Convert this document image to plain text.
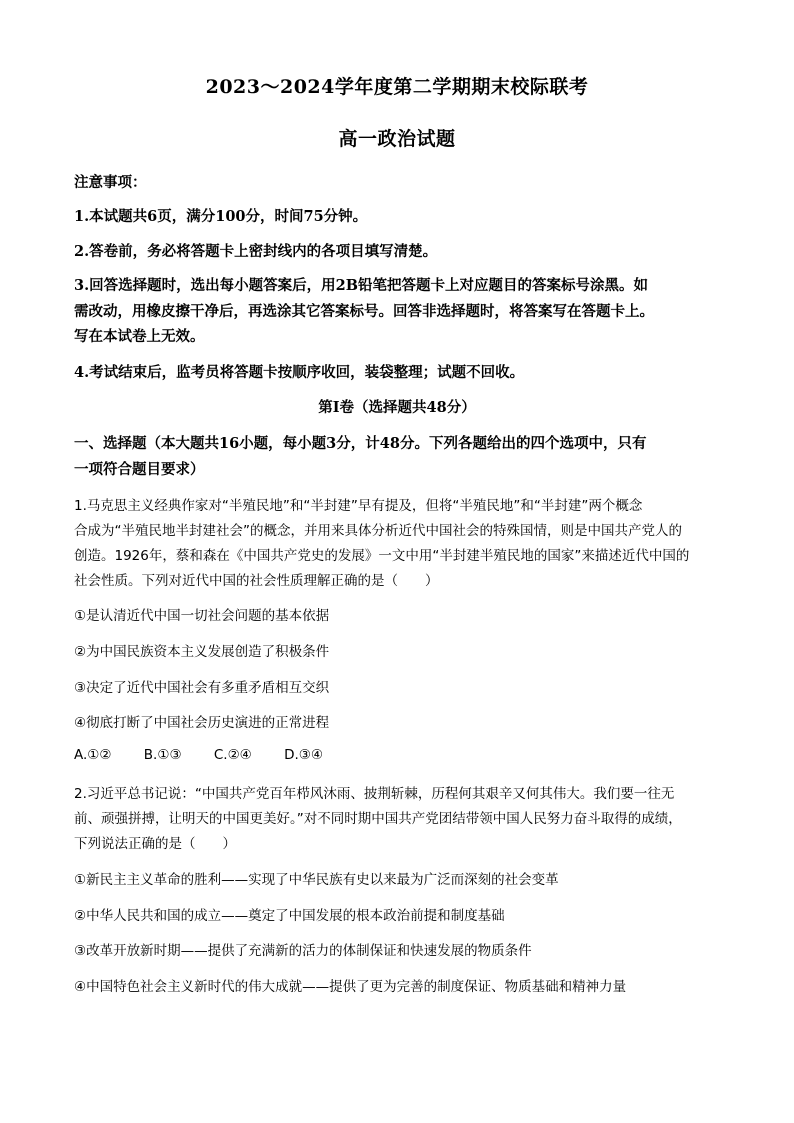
2023～2024学年度第二学期期末校际联考
高一政治试题
注意事项：
1.本试题共6页，满分100分，时间75分钟。
2.答卷前，务必将答题卡上密封线内的各项目填写清楚。
3.回答选择题时，选出每小题答案后，用2B铅笔把答题卡上对应题目的答案标号涂黑。如
需改动，用橡皮擦干净后，再选涂其它答案标号。回答非选择题时，将答案写在答题卡上。
写在本试卷上无效。
4.考试结束后，监考员将答题卡按顺序收回，装袋整理；试题不回收。
第Ⅰ卷（选择题共48分）
一、选择题（本大题共16小题，每小题3分，计48分。下列各题给出的四个选项中，只有
一项符合题目要求）
1.马克思主义经典作家对“半殖民地”和“半封建”早有提及，但将“半殖民地”和“半封建”两个概念
合成为“半殖民地半封建社会”的概念，并用来具体分析近代中国社会的特殊国情，则是中国共产党人的
创造。1926年，蔡和森在《中国共产党史的发展》一文中用“半封建半殖民地的国家”来描述近代中国的
社会性质。下列对近代中国的社会性质理解正确的是（　　）
①是认清近代中国一切社会问题的基本依据
②为中国民族资本主义发展创造了积极条件
③决定了近代中国社会有多重矛盾相互交织
④彻底打断了中国社会历史演进的正常进程
A.①② B.①③ C.②④ D.③④
2.习近平总书记说：“中国共产党百年栉风沐雨、披荆斩棘，历程何其艰辛又何其伟大。我们要一往无
前、顽强拼搏，让明天的中国更美好。”对不同时期中国共产党团结带领中国人民努力奋斗取得的成绩，
下列说法正确的是（　　）
①新民主主义革命的胜利——实现了中华民族有史以来最为广泛而深刻的社会变革
②中华人民共和国的成立——奠定了中国发展的根本政治前提和制度基础
③改革开放新时期——提供了充满新的活力的体制保证和快速发展的物质条件
④中国特色社会主义新时代的伟大成就——提供了更为完善的制度保证、物质基础和精神力量
